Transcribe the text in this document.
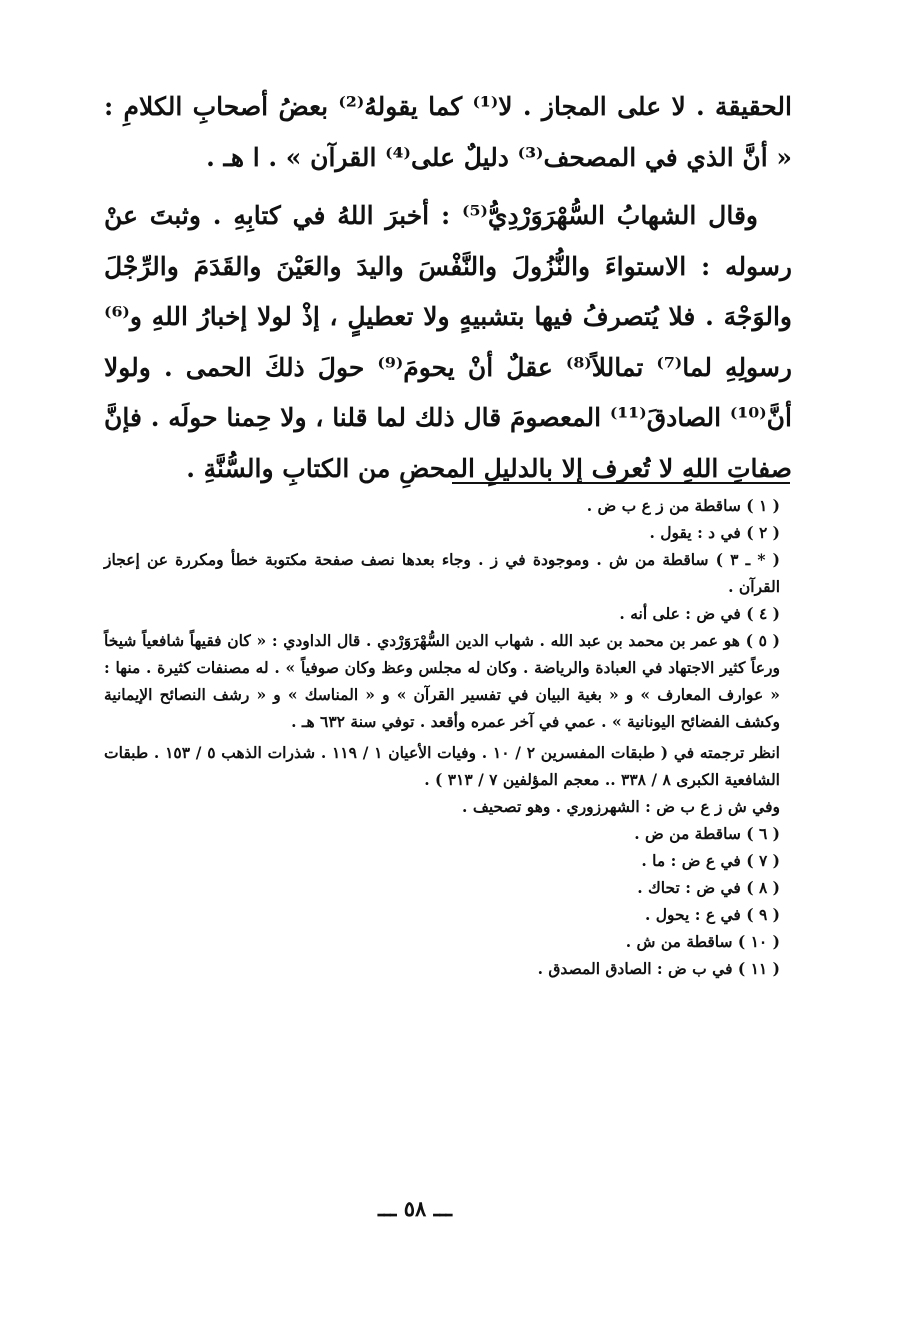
الحقيقة . لا على المجاز . لا⁽¹⁾ كما يقولهُ⁽²⁾ بعضُ أصحابِ الكلامِ : « أنَّ الذي في المصحف⁽³⁾ دليلٌ على⁽⁴⁾ القرآن » . ا هـ .

وقال الشهابُ السُّهْرَوَرْدِيُّ⁽⁵⁾ : أخبرَ اللهُ في كتابِهِ . وثبتَ عنْ رسوله : الاستواءَ والنُّزُولَ والنَّفْسَ واليدَ والعَيْنَ والقَدَمَ والرِّجْلَ والوَجْهَ . فلا يُتصرفُ فيها بتشبيهٍ ولا تعطيلٍ ، إذْ لولا إخبارُ اللهِ و⁽⁶⁾ رسولِهِ لما⁽⁷⁾ تماللاً⁽⁸⁾ عقلٌ أنْ يحومَ⁽⁹⁾ حولَ ذلكَ الحمى . ولولا أنَّ⁽¹⁰⁾ الصادقَ⁽¹¹⁾ المعصومَ قال ذلك لما قلنا ، ولا حِمنا حولَه . فإنَّ صفاتِ اللهِ لا تُعرف إلا بالدليلِ المحضِ من الكتابِ والسُّنَّةِ .

( ١ ) ساقطة من ز ع ب ض .

( ٢ ) في د : يقول .

( * ـ ٣ ) ساقطة من ش . وموجودة في ز . وجاء بعدها نصف صفحة مكتوبة خطأ ومكررة عن إعجاز القرآن .

( ٤ ) في ض : على أنه .

( ٥ ) هو عمر بن محمد بن عبد الله . شهاب الدين السُّهْرَوَرْدي . قال الداودي : « كان فقيهاً شافعياً شيخاً ورعاً كثير الاجتهاد في العبادة والرياضة . وكان له مجلس وعظ وكان صوفياً » . له مصنفات كثيرة . منها : « عوارف المعارف » و « بغية البيان في تفسير القرآن » و « المناسك » و « رشف النصائح الإيمانية وكشف الفضائح اليونانية » . عمي في آخر عمره وأقعد . توفي سنة ٦٣٢ هـ .

انظر ترجمته في ( طبقات المفسرين ٢ / ١٠ . وفيات الأعيان ١ / ١١٩ . شذرات الذهب ٥ / ١٥٣ . طبقات الشافعية الكبرى ٨ / ٣٣٨ .. معجم المؤلفين ٧ / ٣١٣ ) .

وفي ش ز ع ب ض : الشهرزوري . وهو تصحيف .

( ٦ ) ساقطة من ض .

( ٧ ) في ع ض : ما .

( ٨ ) في ض : تحاك .

( ٩ ) في ع : يحول .

( ١٠ ) ساقطة من ش .

( ١١ ) في ب ض : الصادق المصدق .

ـــ ٥٨ ـــ
